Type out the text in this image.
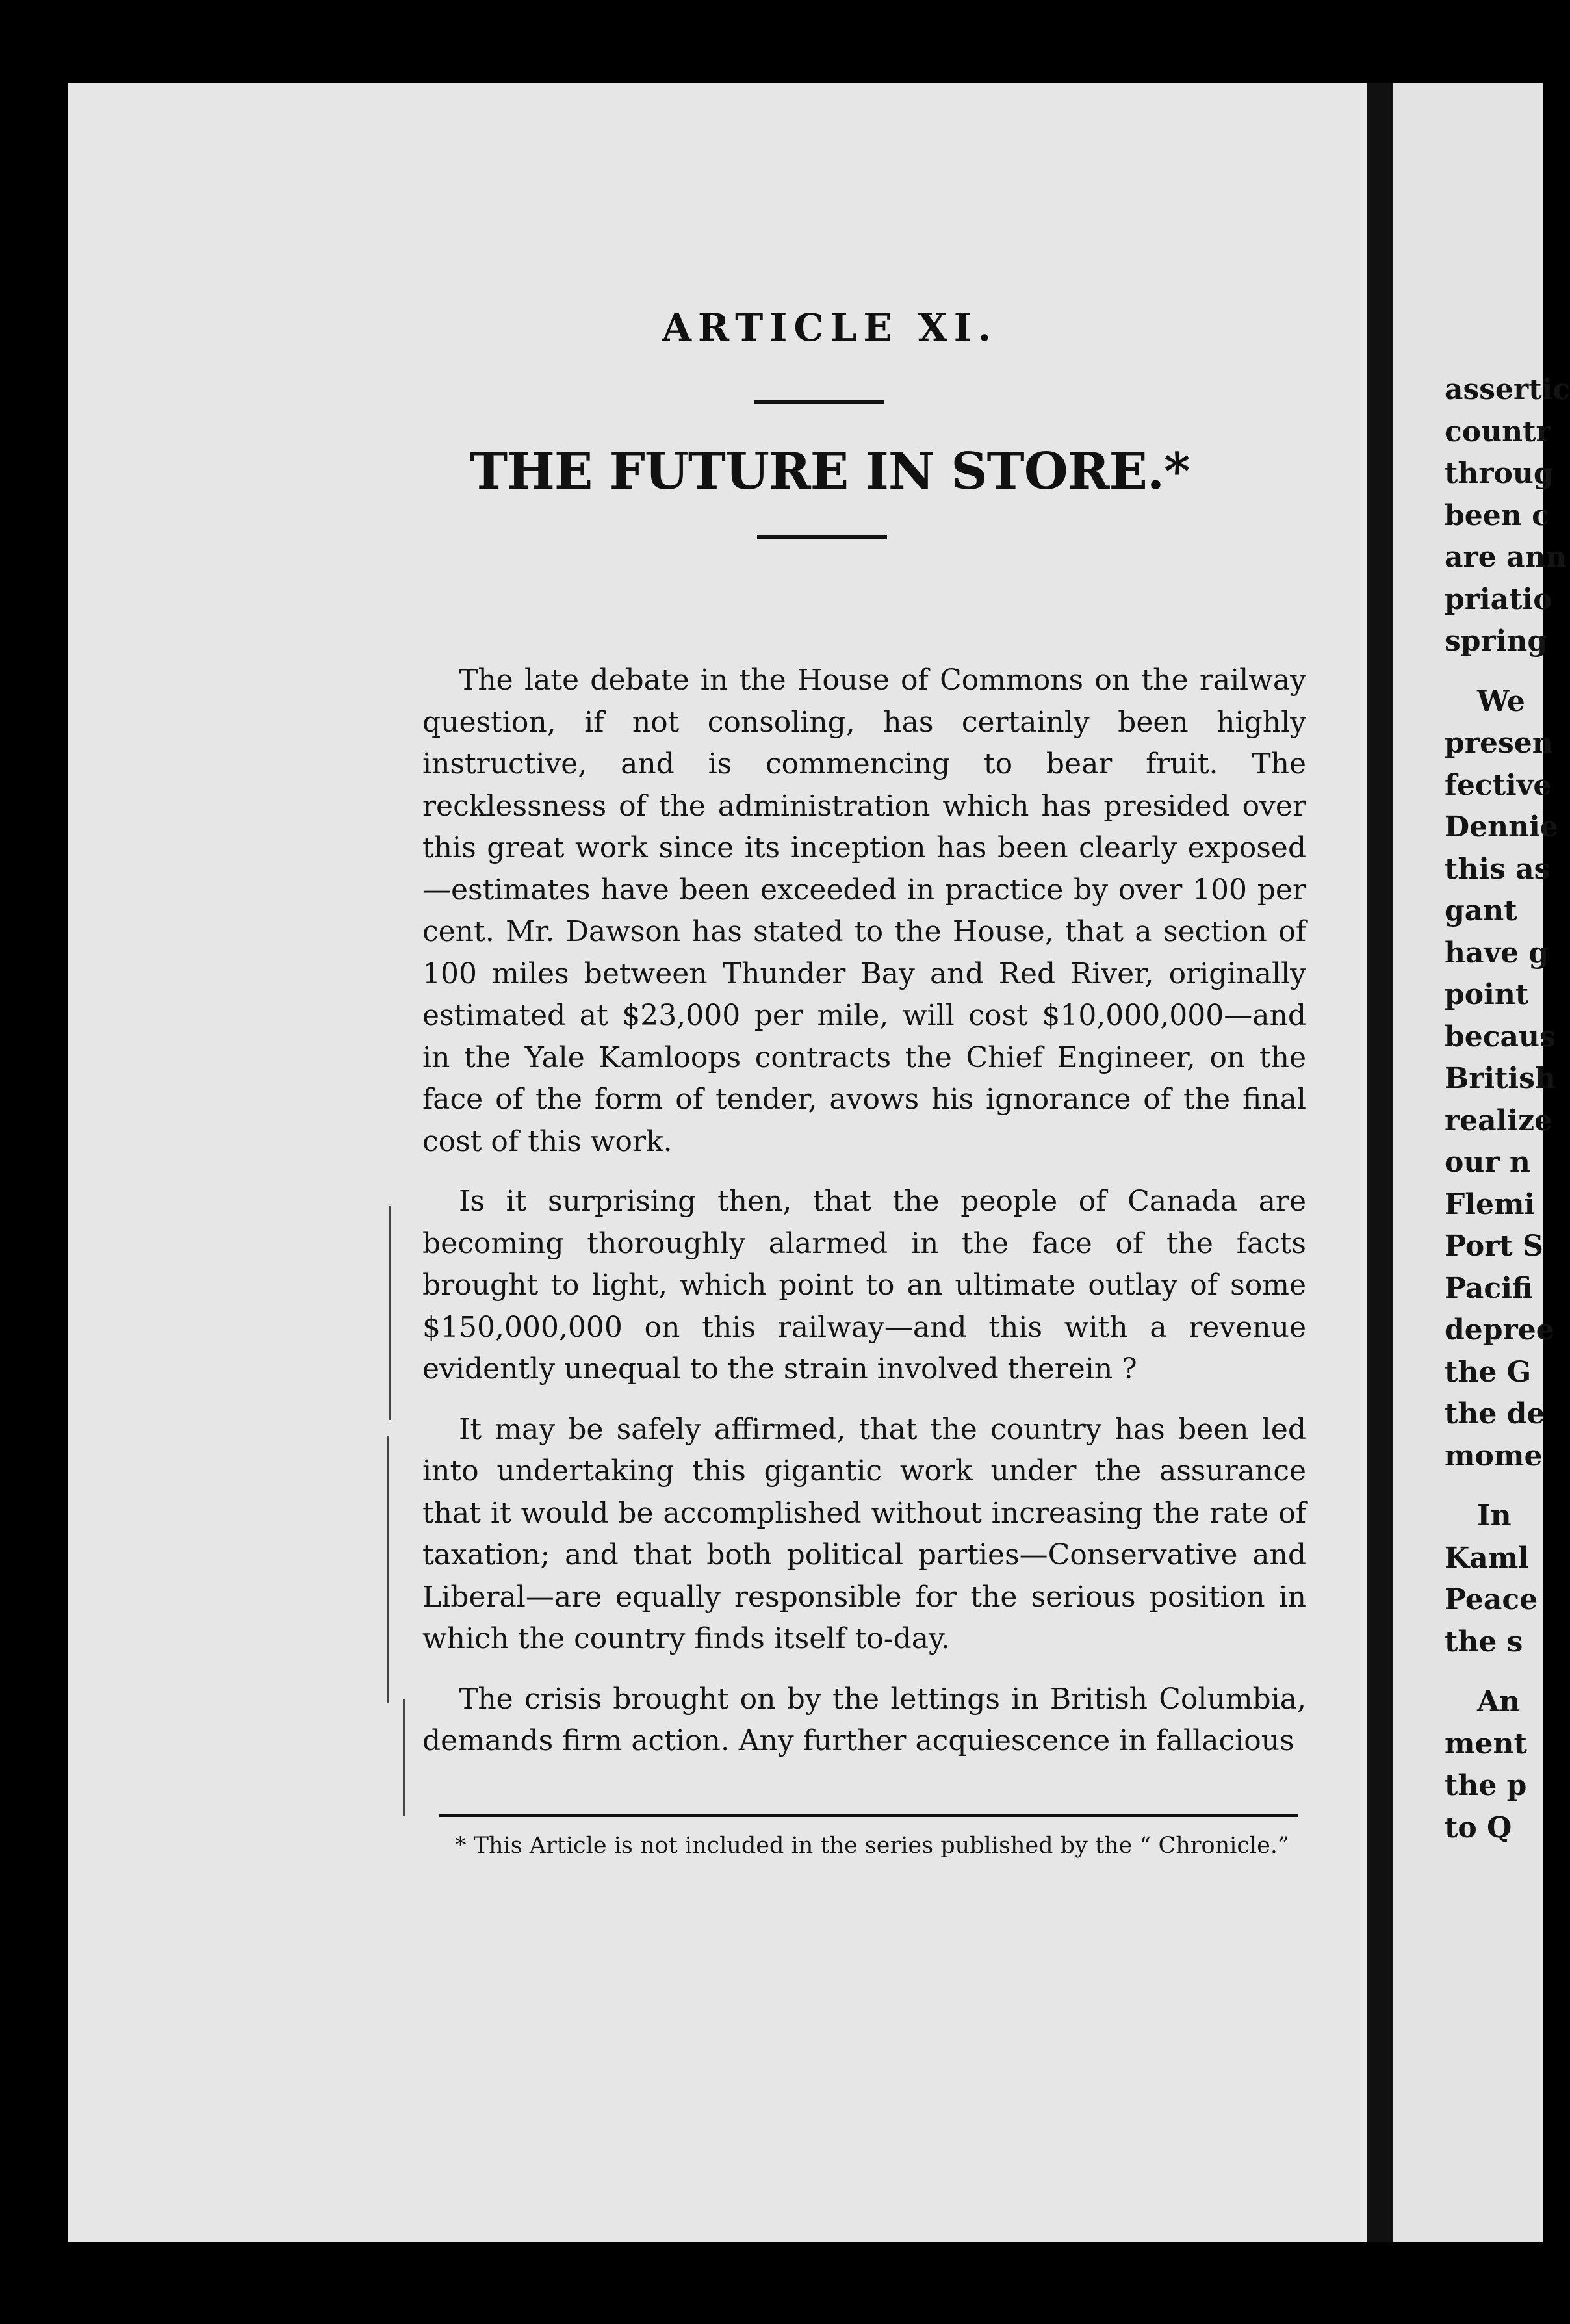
assertic
countr
throug
been c
are ann
priatio
spring
We
presen
fective
Dennie
this as
gant
have g
point
becaus
British
realize
our n
Flemi
Port S
Pacifi
depree
the G
the de
mome
In
Kaml
Peace
the s
An
ment
the p
to Q
ARTICLE XI.
THE FUTURE IN STORE.*

The late debate in the House of Commons on the railway question, if not consoling, has certainly been highly instructive, and is commencing to bear fruit. The recklessness of the administration which has presided over this great work since its inception has been clearly exposed—estimates have been exceeded in practice by over 100 per cent. Mr. Dawson has stated to the House, that a section of 100 miles between Thunder Bay and Red River, originally estimated at $23,000 per mile, will cost $10,000,000—and in the Yale Kamloops contracts the Chief Engineer, on the face of the form of tender, avows his ignorance of the final cost of this work.

Is it surprising then, that the people of Canada are becoming thoroughly alarmed in the face of the facts brought to light, which point to an ultimate outlay of some $150,000,000 on this railway—and this with a revenue evidently unequal to the strain involved therein ?

It may be safely affirmed, that the country has been led into undertaking this gigantic work under the assurance that it would be accomplished without increasing the rate of taxation; and that both political parties—Conservative and Liberal—are equally responsible for the serious position in which the country finds itself to-day.

The crisis brought on by the lettings in British Columbia, demands firm action. Any further acquiescence in fallacious

* This Article is not included in the series published by the “ Chronicle.”
